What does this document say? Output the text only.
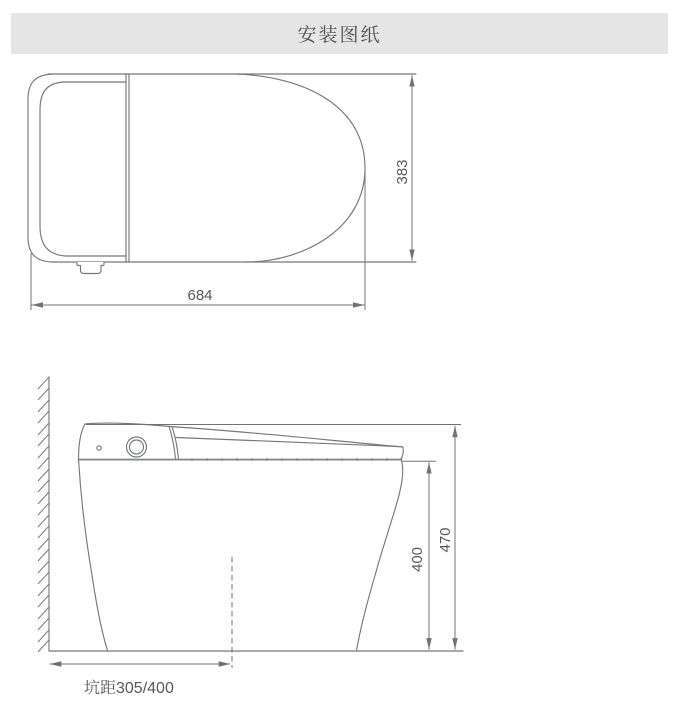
安装图纸
383
684
470
400
坑距305/400
